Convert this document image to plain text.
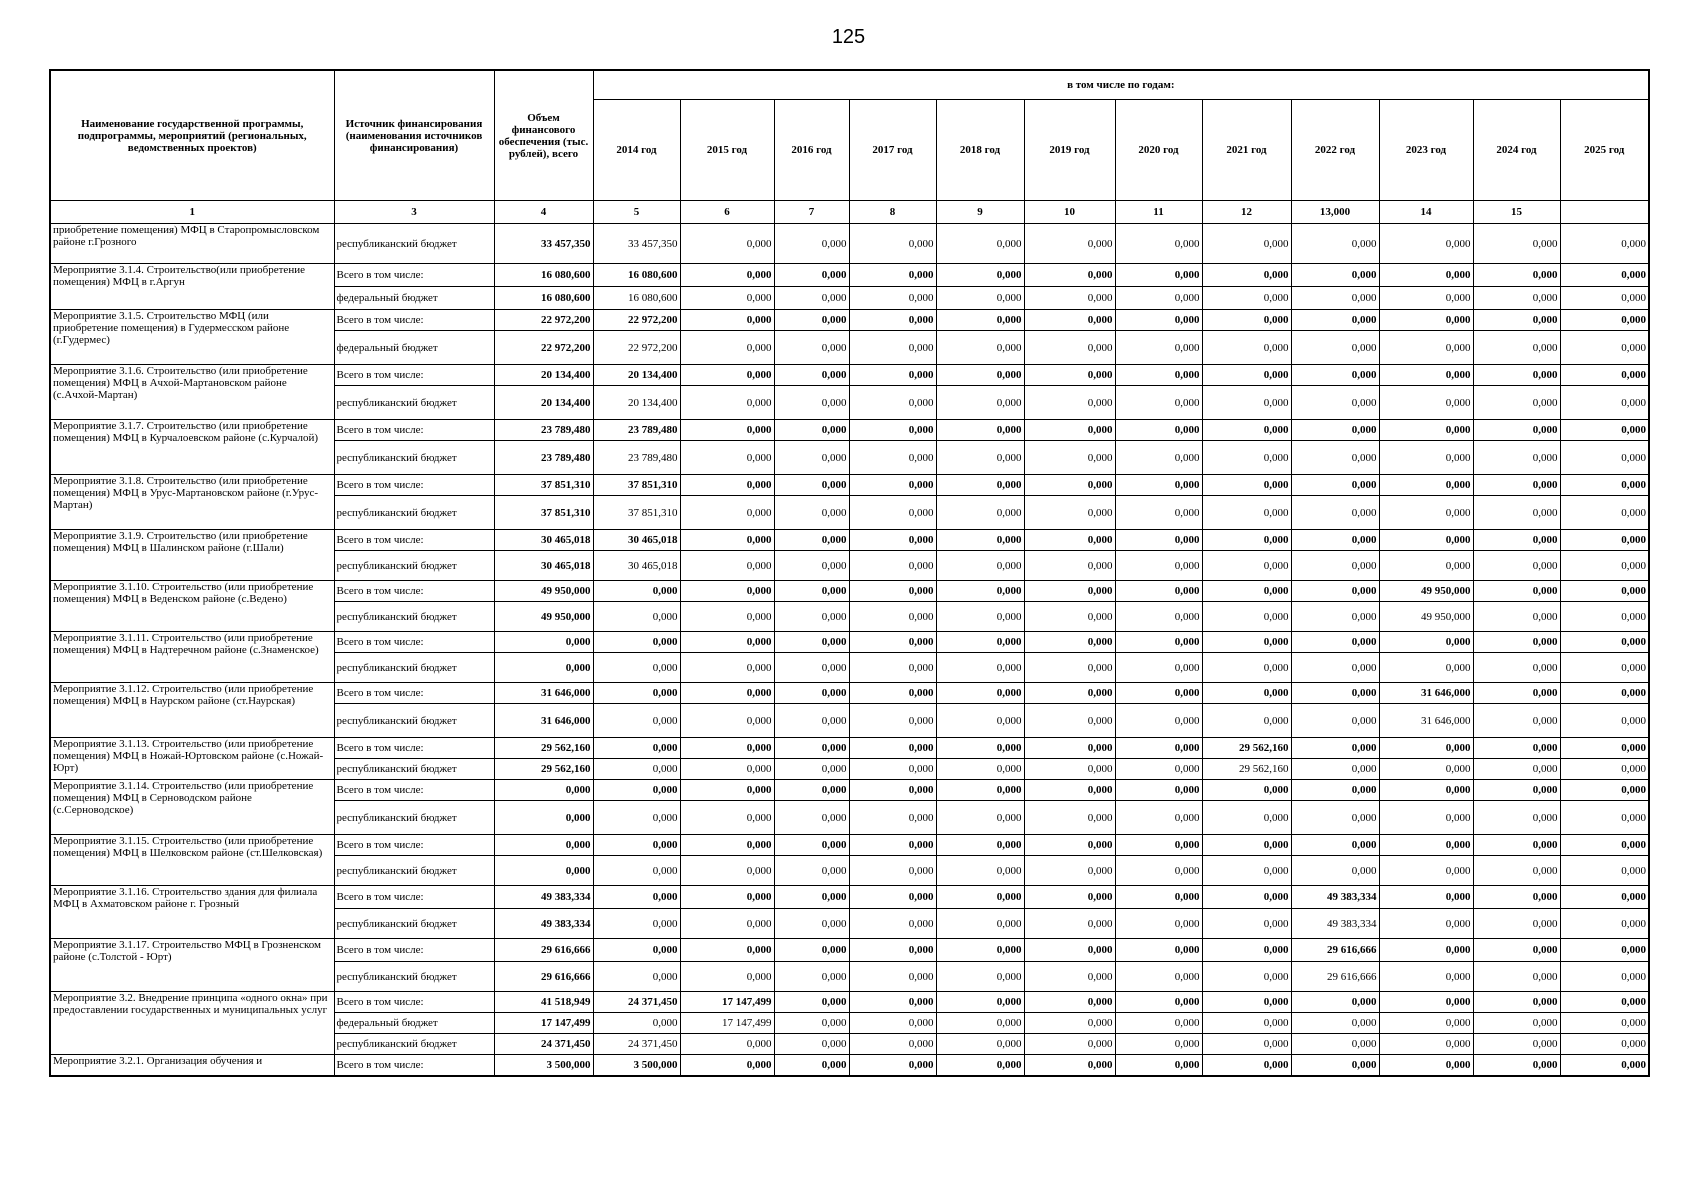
125
Наименование государственной программы, подпрограммы, мероприятий (региональных, ведомственных проектов)	Источник финансирования (наименования источников финансирования)	Объем финансового обеспечения (тыс. рублей), всего	в том числе по годам:											
			2014 год	2015 год	2016 год	2017 год	2018 год	2019 год	2020 год	2021 год	2022 год	2023 год	2024 год	2025 год
1	3	4	5	6	7	8	9	10	11	12	13,000	14	15	
приобретение помещения) МФЦ в Старопромысловском районе г.Грозного	республиканский бюджет	33 457,350	33 457,350	0,000	0,000	0,000	0,000	0,000	0,000	0,000	0,000	0,000	0,000	0,000
Мероприятие 3.1.4. Строительство(или приобретение помещения) МФЦ в г.Аргун	Всего в том числе:	16 080,600	16 080,600	0,000	0,000	0,000	0,000	0,000	0,000	0,000	0,000	0,000	0,000	0,000
	федеральный бюджет	16 080,600	16 080,600	0,000	0,000	0,000	0,000	0,000	0,000	0,000	0,000	0,000	0,000	0,000
Мероприятие 3.1.5. Строительство МФЦ (или приобретение помещения) в Гудермесском районе (г.Гудермес)	Всего в том числе:	22 972,200	22 972,200	0,000	0,000	0,000	0,000	0,000	0,000	0,000	0,000	0,000	0,000	0,000
	федеральный бюджет	22 972,200	22 972,200	0,000	0,000	0,000	0,000	0,000	0,000	0,000	0,000	0,000	0,000	0,000
Мероприятие 3.1.6. Строительство (или приобретение помещения) МФЦ в Ачхой-Мартановском районе (с.Ачхой-Мартан)	Всего в том числе:	20 134,400	20 134,400	0,000	0,000	0,000	0,000	0,000	0,000	0,000	0,000	0,000	0,000	0,000
	республиканский бюджет	20 134,400	20 134,400	0,000	0,000	0,000	0,000	0,000	0,000	0,000	0,000	0,000	0,000	0,000
Мероприятие 3.1.7. Строительство (или приобретение помещения) МФЦ в Курчалоевском районе (с.Курчалой)	Всего в том числе:	23 789,480	23 789,480	0,000	0,000	0,000	0,000	0,000	0,000	0,000	0,000	0,000	0,000	0,000
	республиканский бюджет	23 789,480	23 789,480	0,000	0,000	0,000	0,000	0,000	0,000	0,000	0,000	0,000	0,000	0,000
Мероприятие 3.1.8. Строительство (или приобретение помещения) МФЦ в Урус-Мартановском районе (г.Урус-Мартан)	Всего в том числе:	37 851,310	37 851,310	0,000	0,000	0,000	0,000	0,000	0,000	0,000	0,000	0,000	0,000	0,000
	республиканский бюджет	37 851,310	37 851,310	0,000	0,000	0,000	0,000	0,000	0,000	0,000	0,000	0,000	0,000	0,000
Мероприятие 3.1.9. Строительство (или приобретение помещения) МФЦ в Шалинском районе (г.Шали)	Всего в том числе:	30 465,018	30 465,018	0,000	0,000	0,000	0,000	0,000	0,000	0,000	0,000	0,000	0,000	0,000
	республиканский бюджет	30 465,018	30 465,018	0,000	0,000	0,000	0,000	0,000	0,000	0,000	0,000	0,000	0,000	0,000
Мероприятие 3.1.10. Строительство (или приобретение помещения) МФЦ в Веденском районе (с.Ведено)	Всего в том числе:	49 950,000	0,000	0,000	0,000	0,000	0,000	0,000	0,000	0,000	0,000	49 950,000	0,000	0,000
	республиканский бюджет	49 950,000	0,000	0,000	0,000	0,000	0,000	0,000	0,000	0,000	0,000	49 950,000	0,000	0,000
Мероприятие 3.1.11. Строительство (или приобретение помещения) МФЦ в Надтеречном районе (с.Знаменское)	Всего в том числе:	0,000	0,000	0,000	0,000	0,000	0,000	0,000	0,000	0,000	0,000	0,000	0,000	0,000
	республиканский бюджет	0,000	0,000	0,000	0,000	0,000	0,000	0,000	0,000	0,000	0,000	0,000	0,000	0,000
Мероприятие 3.1.12. Строительство (или приобретение помещения) МФЦ в Наурском районе (ст.Наурская)	Всего в том числе:	31 646,000	0,000	0,000	0,000	0,000	0,000	0,000	0,000	0,000	0,000	31 646,000	0,000	0,000
	республиканский бюджет	31 646,000	0,000	0,000	0,000	0,000	0,000	0,000	0,000	0,000	0,000	31 646,000	0,000	0,000
Мероприятие 3.1.13. Строительство (или приобретение помещения) МФЦ в Ножай-Юртовском районе (с.Ножай-Юрт)	Всего в том числе:	29 562,160	0,000	0,000	0,000	0,000	0,000	0,000	0,000	29 562,160	0,000	0,000	0,000	0,000
	республиканский бюджет	29 562,160	0,000	0,000	0,000	0,000	0,000	0,000	0,000	29 562,160	0,000	0,000	0,000	0,000
Мероприятие 3.1.14. Строительство (или приобретение помещения) МФЦ в Серноводском районе (с.Серноводское)	Всего в том числе:	0,000	0,000	0,000	0,000	0,000	0,000	0,000	0,000	0,000	0,000	0,000	0,000	0,000
	республиканский бюджет	0,000	0,000	0,000	0,000	0,000	0,000	0,000	0,000	0,000	0,000	0,000	0,000	0,000
Мероприятие 3.1.15. Строительство (или приобретение помещения) МФЦ в Шелковском районе (ст.Шелковская)	Всего в том числе:	0,000	0,000	0,000	0,000	0,000	0,000	0,000	0,000	0,000	0,000	0,000	0,000	0,000
	республиканский бюджет	0,000	0,000	0,000	0,000	0,000	0,000	0,000	0,000	0,000	0,000	0,000	0,000	0,000
Мероприятие 3.1.16. Строительство здания для филиала МФЦ в Ахматовском районе г. Грозный	Всего в том числе:	49 383,334	0,000	0,000	0,000	0,000	0,000	0,000	0,000	0,000	49 383,334	0,000	0,000	0,000
	республиканский бюджет	49 383,334	0,000	0,000	0,000	0,000	0,000	0,000	0,000	0,000	49 383,334	0,000	0,000	0,000
Мероприятие 3.1.17. Строительство МФЦ в Грозненском районе (с.Толстой - Юрт)	Всего в том числе:	29 616,666	0,000	0,000	0,000	0,000	0,000	0,000	0,000	0,000	29 616,666	0,000	0,000	0,000
	республиканский бюджет	29 616,666	0,000	0,000	0,000	0,000	0,000	0,000	0,000	0,000	29 616,666	0,000	0,000	0,000
Мероприятие 3.2. Внедрение принципа «одного окна» при предоставлении государственных и муниципальных услуг	Всего в том числе:	41 518,949	24 371,450	17 147,499	0,000	0,000	0,000	0,000	0,000	0,000	0,000	0,000	0,000	0,000
	федеральный бюджет	17 147,499	0,000	17 147,499	0,000	0,000	0,000	0,000	0,000	0,000	0,000	0,000	0,000	0,000
	республиканский бюджет	24 371,450	24 371,450	0,000	0,000	0,000	0,000	0,000	0,000	0,000	0,000	0,000	0,000	0,000
Мероприятие 3.2.1. Организация обучения и	Всего в том числе:	3 500,000	3 500,000	0,000	0,000	0,000	0,000	0,000	0,000	0,000	0,000	0,000	0,000	0,000
